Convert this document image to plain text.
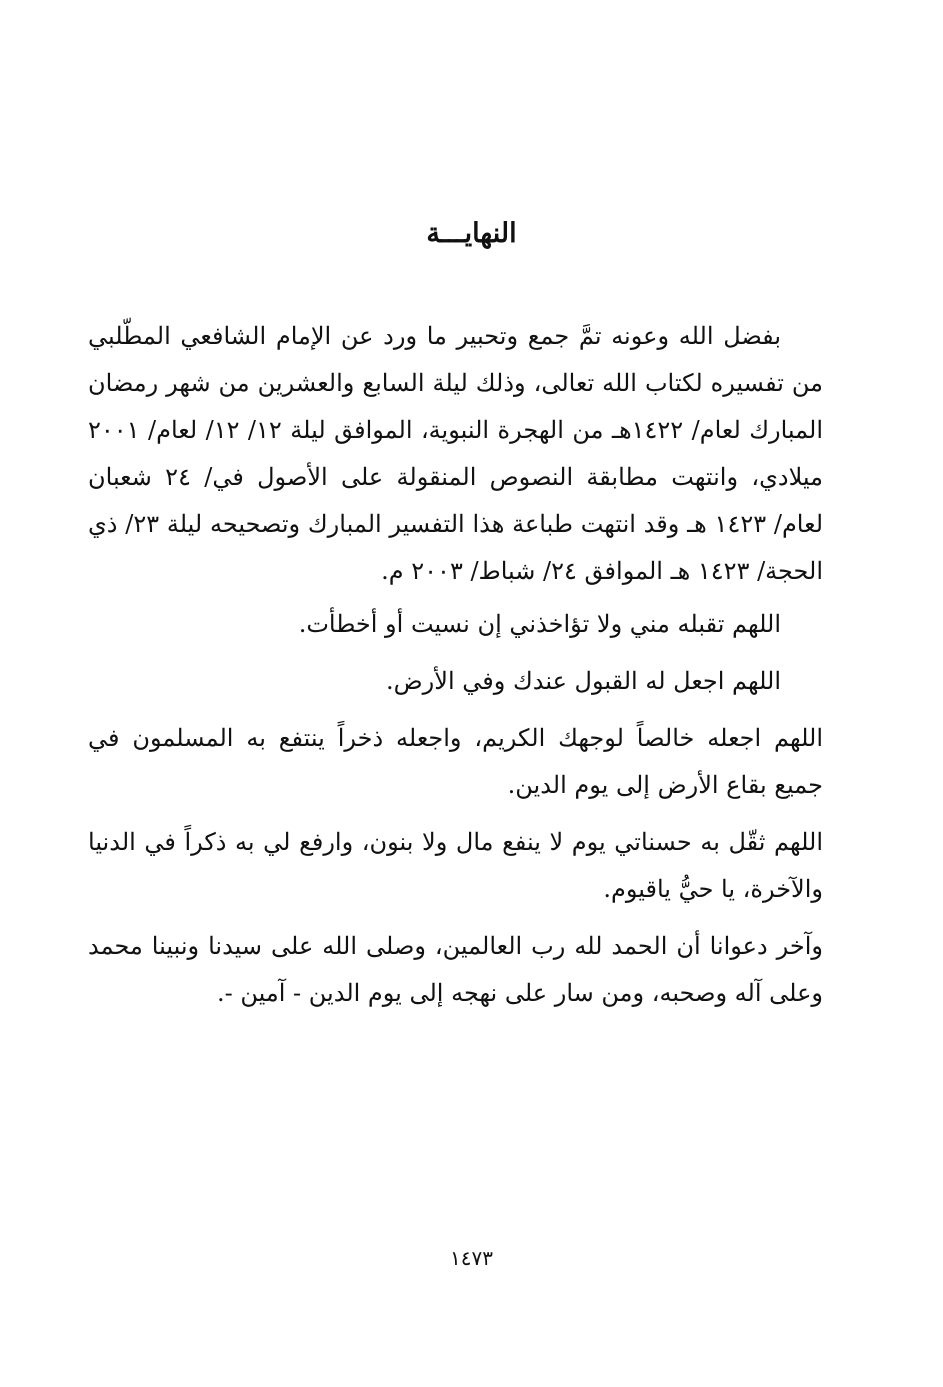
النهايـــة

بفضل الله وعونه تمَّ جمع وتحبير ما ورد عن الإمام الشافعي المطّلبي من تفسيره لكتاب الله تعالى، وذلك ليلة السابع والعشرين من شهر رمضان المبارك لعام/ ١٤٢٢هـ من الهجرة النبوية، الموافق ليلة ١٢/ ١٢/ لعام/ ٢٠٠١ ميلادي، وانتهت مطابقة النصوص المنقولة على الأصول في/ ٢٤ شعبان لعام/ ١٤٢٣ هـ وقد انتهت طباعة هذا التفسير المبارك وتصحيحه ليلة ٢٣/ ذي الحجة/ ١٤٢٣ هـ الموافق ٢٤/ شباط/ ٢٠٠٣ م.

اللهم تقبله مني ولا تؤاخذني إن نسيت أو أخطأت.

اللهم اجعل له القبول عندك وفي الأرض.

اللهم اجعله خالصاً لوجهك الكريم، واجعله ذخراً ينتفع به المسلمون في جميع بقاع الأرض إلى يوم الدين.

اللهم ثقّل به حسناتي يوم لا ينفع مال ولا بنون، وارفع لي به ذكراً في الدنيا والآخرة، يا حيُّ ياقيوم.

وآخر دعوانا أن الحمد لله رب العالمين، وصلى الله على سيدنا ونبينا محمد وعلى آله وصحبه، ومن سار على نهجه إلى يوم الدين - آمين -.

١٤٧٣
